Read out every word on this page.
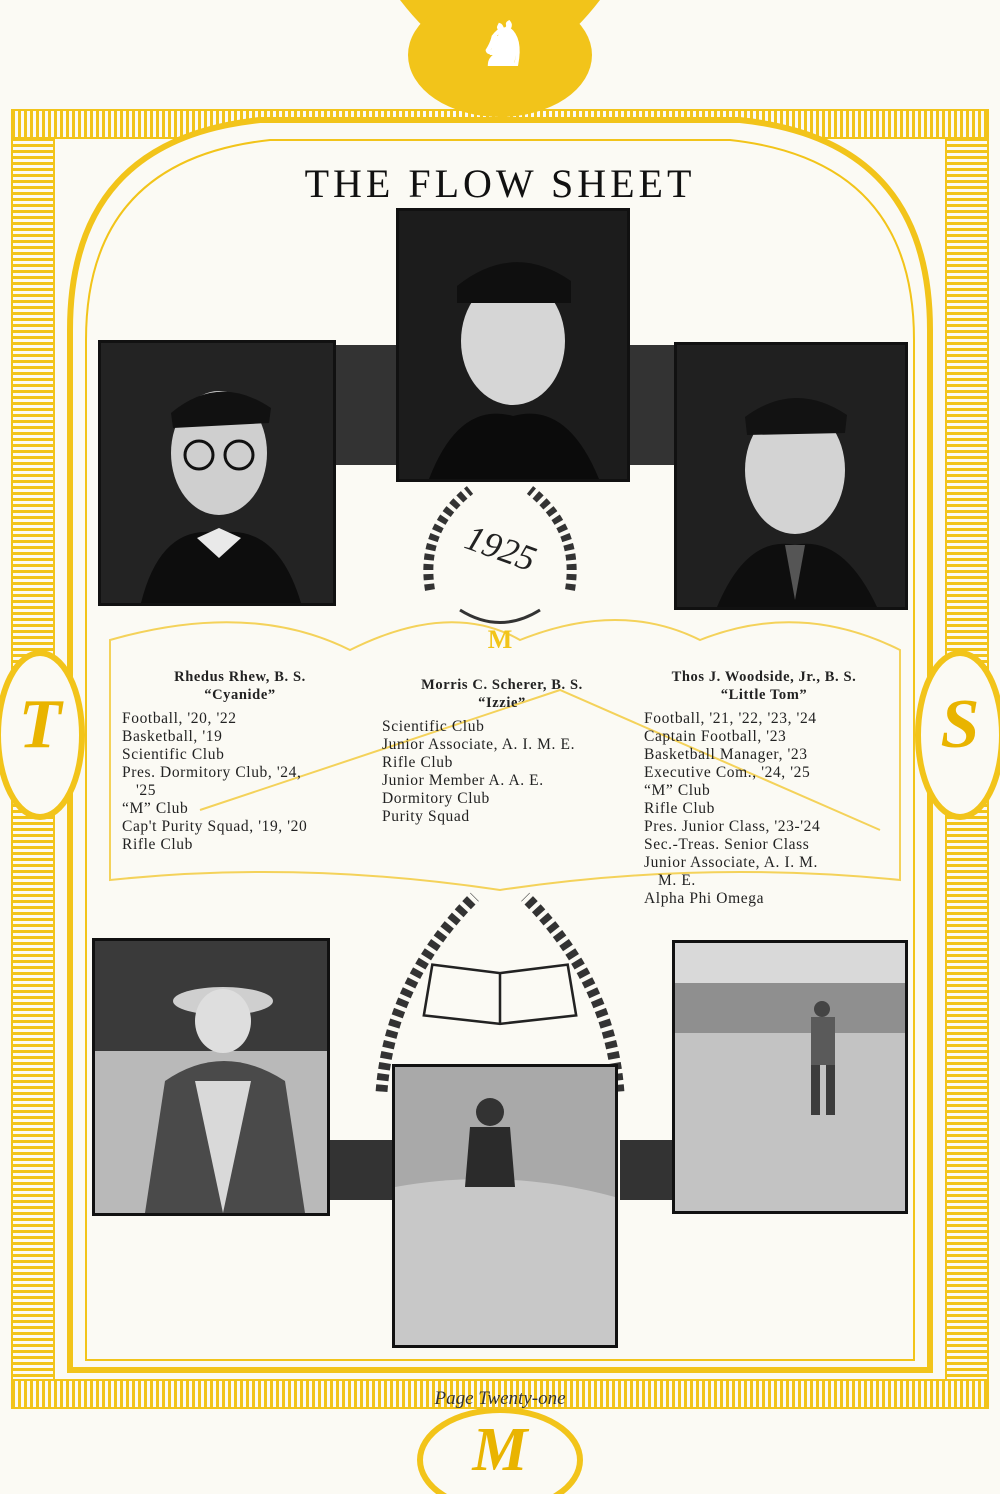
♞
T	S
M
THE FLOW SHEET
1925
M
Rhedus Rhew, B. S.
“Cyanide”
Football, '20, '22
Basketball, '19
Scientific Club
Pres. Dormitory Club, '24,
'25
“M” Club
Cap't Purity Squad, '19, '20
Rifle Club
Morris C. Scherer, B. S.
“Izzie”
Scientific Club
Junior Associate, A. I. M. E.
Rifle Club
Junior Member A. A. E.
Dormitory Club
Purity Squad
Thos J. Woodside, Jr., B. S.
“Little Tom”
Football, '21, '22, '23, '24
Captain Football, '23
Basketball Manager, '23
Executive Com., '24, '25
“M” Club
Rifle Club
Pres. Junior Class, '23-'24
Sec.-Treas. Senior Class
Junior Associate, A. I. M.
M. E.
Alpha Phi Omega
Page Twenty-one
